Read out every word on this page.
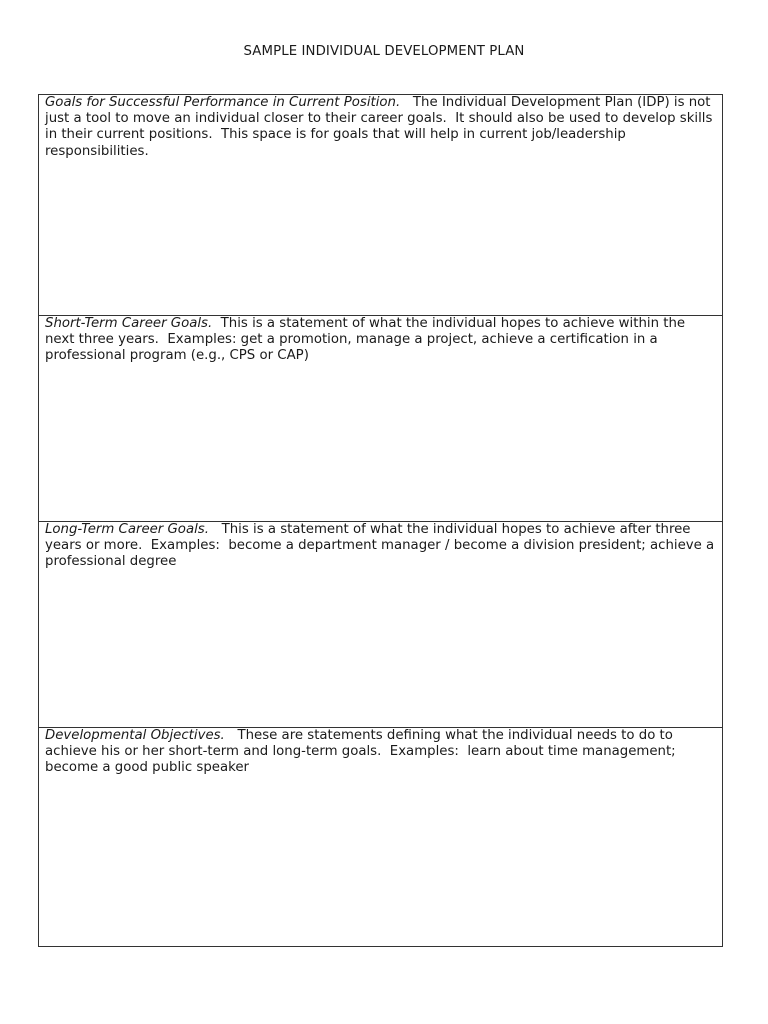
SAMPLE INDIVIDUAL DEVELOPMENT PLAN

Goals for Successful Performance in Current Position.   The Individual Development Plan (IDP) is not just a tool to move an individual closer to their career goals.  It should also be used to develop skills in their current positions.  This space is for goals that will help in current job/leadership responsibilities.

Short-Term Career Goals.  This is a statement of what the individual hopes to achieve within the next three years.  Examples: get a promotion, manage a project, achieve a certification in a professional program (e.g., CPS or CAP)

Long-Term Career Goals.   This is a statement of what the individual hopes to achieve after three years or more.  Examples:  become a department manager / become a division president; achieve a professional degree

Developmental Objectives.   These are statements defining what the individual needs to do to achieve his or her short-term and long-term goals.  Examples:  learn about time management; become a good public speaker
